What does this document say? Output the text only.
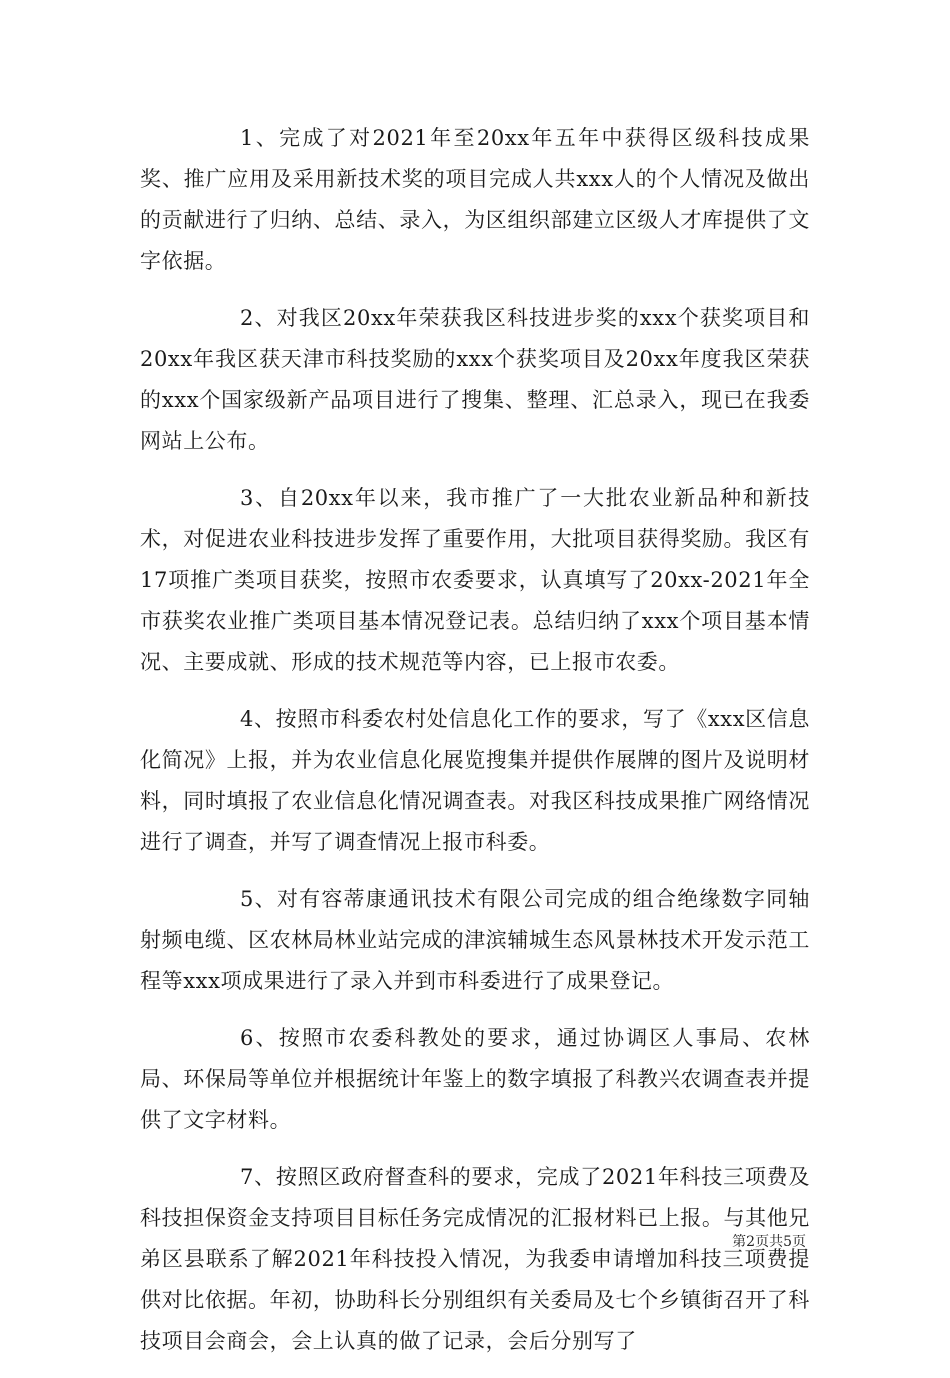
1、完成了对2021年至20xx年五年中获得区级科技成果奖、推广应用及采用新技术奖的项目完成人共xxx人的个人情况及做出的贡献进行了归纳、总结、录入，为区组织部建立区级人才库提供了文字依据。

2、对我区20xx年荣获我区科技进步奖的xxx个获奖项目和20xx年我区获天津市科技奖励的xxx个获奖项目及20xx年度我区荣获的xxx个国家级新产品项目进行了搜集、整理、汇总录入，现已在我委网站上公布。

3、自20xx年以来，我市推广了一大批农业新品种和新技术，对促进农业科技进步发挥了重要作用，大批项目获得奖励。我区有17项推广类项目获奖，按照市农委要求，认真填写了20xx-2021年全市获奖农业推广类项目基本情况登记表。总结归纳了xxx个项目基本情况、主要成就、形成的技术规范等内容，已上报市农委。

4、按照市科委农村处信息化工作的要求，写了《xxx区信息化简况》上报，并为农业信息化展览搜集并提供作展牌的图片及说明材料，同时填报了农业信息化情况调查表。对我区科技成果推广网络情况进行了调查，并写了调查情况上报市科委。

5、对有容蒂康通讯技术有限公司完成的组合绝缘数字同轴射频电缆、区农林局林业站完成的津滨辅城生态风景林技术开发示范工程等xxx项成果进行了录入并到市科委进行了成果登记。

6、按照市农委科教处的要求，通过协调区人事局、农林局、环保局等单位并根据统计年鉴上的数字填报了科教兴农调查表并提供了文字材料。

7、按照区政府督查科的要求，完成了2021年科技三项费及科技担保资金支持项目目标任务完成情况的汇报材料已上报。与其他兄弟区县联系了解2021年科技投入情况，为我委申请增加科技三项费提供对比依据。年初，协助科长分别组织有关委局及七个乡镇街召开了科技项目会商会，会上认真的做了记录，会后分别写了

第2页共5页
